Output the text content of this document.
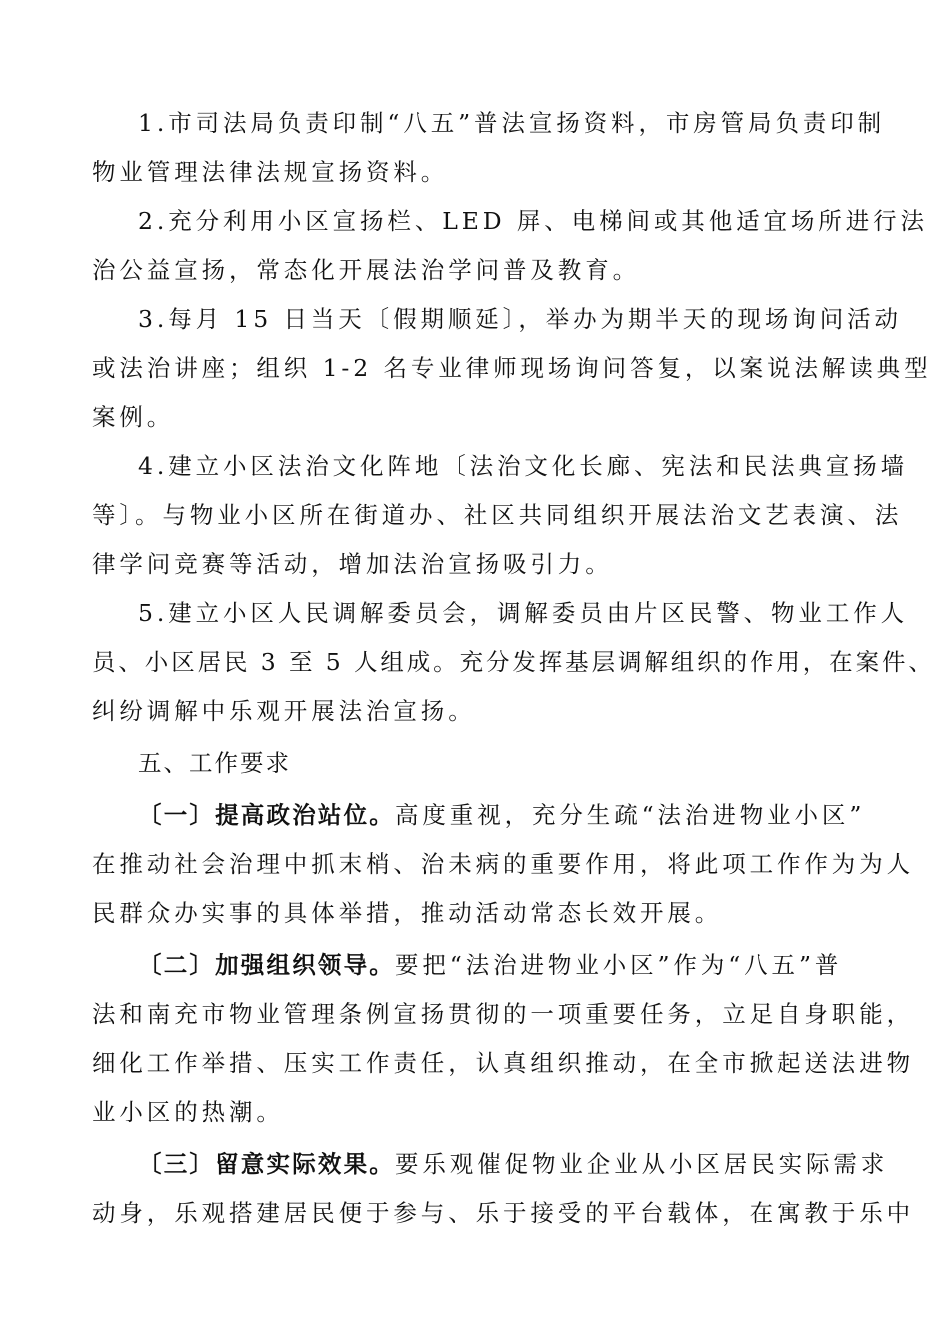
1.市司法局负责印制“八五”普法宣扬资料，市房管局负责印制
物业管理法律法规宣扬资料。
2.充分利用小区宣扬栏、LED 屏、电梯间或其他适宜场所进行法
治公益宣扬，常态化开展法治学问普及教育。
3.每月 15 日当天〔假期顺延〕，举办为期半天的现场询问活动
或法治讲座；组织 1-2 名专业律师现场询问答复，以案说法解读典型
案例。
4.建立小区法治文化阵地〔法治文化长廊、宪法和民法典宣扬墙
等〕。与物业小区所在街道办、社区共同组织开展法治文艺表演、法
律学问竞赛等活动，增加法治宣扬吸引力。
5.建立小区人民调解委员会，调解委员由片区民警、物业工作人
员、小区居民 3 至 5 人组成。充分发挥基层调解组织的作用，在案件、
纠纷调解中乐观开展法治宣扬。
五、工作要求
〔一〕提高政治站位。高度重视，充分生疏“法治进物业小区”
在推动社会治理中抓末梢、治未病的重要作用，将此项工作作为为人
民群众办实事的具体举措，推动活动常态长效开展。
〔二〕加强组织领导。要把“法治进物业小区”作为“八五”普
法和南充市物业管理条例宣扬贯彻的一项重要任务，立足自身职能，
细化工作举措、压实工作责任，认真组织推动，在全市掀起送法进物
业小区的热潮。
〔三〕留意实际效果。要乐观催促物业企业从小区居民实际需求
动身，乐观搭建居民便于参与、乐于接受的平台载体，在寓教于乐中
